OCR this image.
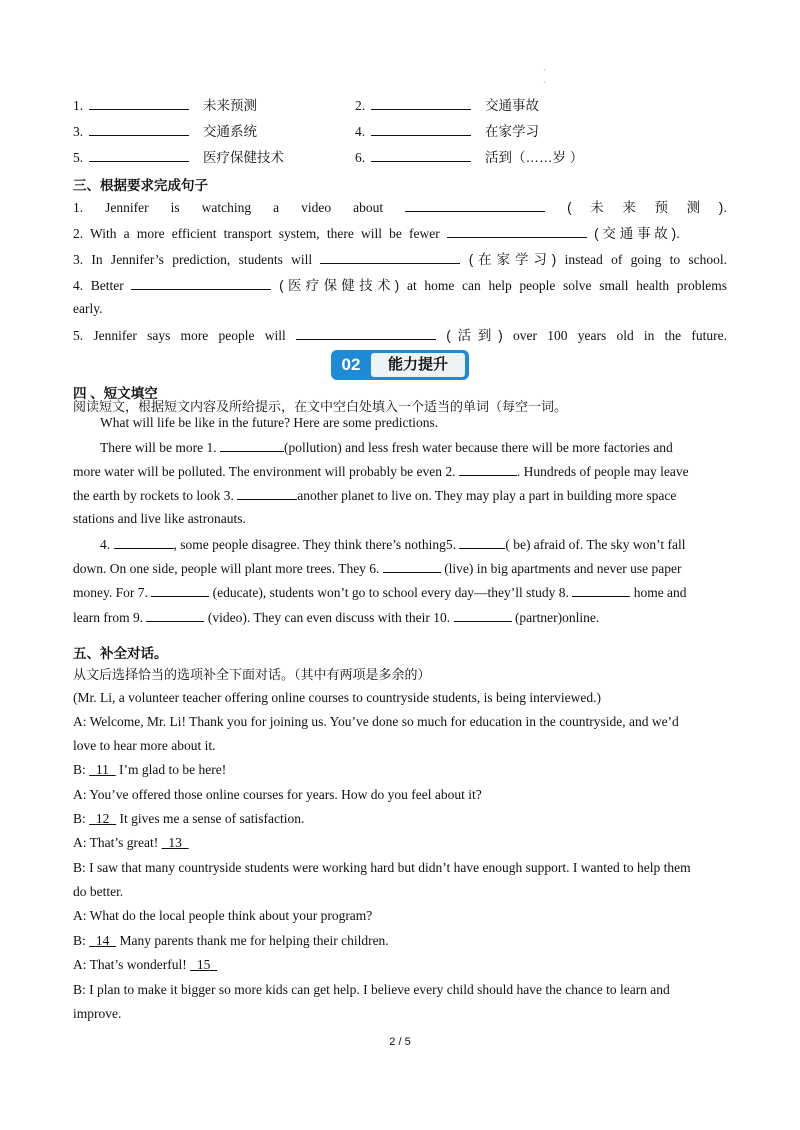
·
·
1.	未来预测	2.	交通事故
3.	交通系统	4.	在家学习
5.	医疗保健技术	6.	活到（……岁 ）
三、根据要求完成句子
1. Jennifer is watching a video about	(未来预测).
2. With a more efficient transport system, there will be fewer	(交通事故).
3. In Jennifer’s prediction, students will	(在家学习) instead of going to school.
4. Better	(医疗保健技术) at home can help people solve small health problems
early.
5. Jennifer says more people will	(活到) over 100 years old in the future.
02	能力提升
四 、短文填空
阅读短文，根据短文内容及所给提示，在文中空白处填入一个适当的单词（每空一词。
What will life be like in the future? Here are some predictions.
There will be more 1.	(pollution) and less fresh water because there will be more factories and
more water will be polluted. The environment will probably be even 2.	. Hundreds of people may leave
the earth by rockets to look 3.	another planet to live on. They may play a part in building more space
stations and live like astronauts.
4.	, some people disagree. They think there’s nothing5.	( be) afraid of. The sky won’t fall
down. On one side, people will plant more trees. They 6.	(live) in big apartments and never use paper
money. For 7.	(educate), students won’t go to school every day—they’ll study 8.	home and
learn from 9.	(video). They can even discuss with their 10.	(partner)online.
五、补全对话。
从文后选择恰当的选项补全下面对话。（其中有两项是多余的）
(Mr. Li, a volunteer teacher offering online courses to countryside students, is being interviewed.)
A: Welcome, Mr. Li! Thank you for joining us. You’ve done so much for education in the countryside, and we’d
love to hear more about it.
B: 11 I’m glad to be here!
A: You’ve offered those online courses for years. How do you feel about it?
B: 12 It gives me a sense of satisfaction.
A: That’s great! 13
B: I saw that many countryside students were working hard but didn’t have enough support. I wanted to help them
do better.
A: What do the local people think about your program?
B: 14 Many parents thank me for helping their children.
A: That’s wonderful! 15
B: I plan to make it bigger so more kids can get help. I believe every child should have the chance to learn and
improve.
2 / 5
